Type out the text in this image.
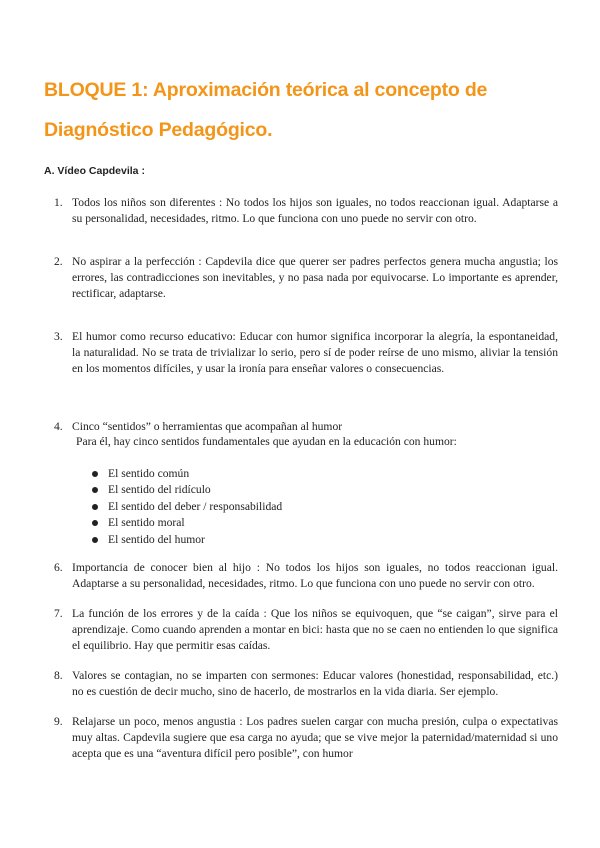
BLOQUE 1: Aproximación teórica al concepto de Diagnóstico Pedagógico.

A. Vídeo Capdevila :

1. Todos los niños son diferentes : No todos los hijos son iguales, no todos reaccionan igual. Adaptarse a su personalidad, necesidades, ritmo. Lo que funciona con uno puede no servir con otro.
2. No aspirar a la perfección : Capdevila dice que querer ser padres perfectos genera mucha angustia; los errores, las contradicciones son inevitables, y no pasa nada por equivocarse. Lo importante es aprender, rectificar, adaptarse.
3. El humor como recurso educativo: Educar con humor significa incorporar la alegría, la espontaneidad, la naturalidad. No se trata de trivializar lo serio, pero sí de poder reírse de uno mismo, aliviar la tensión en los momentos difíciles, y usar la ironía para enseñar valores o consecuencias.
4. Cinco “sentidos” o herramientas que acompañan al humor

Para él, hay cinco sentidos fundamentales que ayudan en la educación con humor:

El sentido común
El sentido del ridículo
El sentido del deber / responsabilidad
El sentido moral
El sentido del humor
6. Importancia de conocer bien al hijo : No todos los hijos son iguales, no todos reaccionan igual. Adaptarse a su personalidad, necesidades, ritmo. Lo que funciona con uno puede no servir con otro.
7. La función de los errores y de la caída : Que los niños se equivoquen, que “se caigan”, sirve para el aprendizaje. Como cuando aprenden a montar en bici: hasta que no se caen no entienden lo que significa el equilibrio. Hay que permitir esas caídas.
8. Valores se contagian, no se imparten con sermones: Educar valores (honestidad, responsabilidad, etc.) no es cuestión de decir mucho, sino de hacerlo, de mostrarlos en la vida diaria. Ser ejemplo.
9. Relajarse un poco, menos angustia : Los padres suelen cargar con mucha presión, culpa o expectativas muy altas. Capdevila sugiere que esa carga no ayuda; que se vive mejor la paternidad/maternidad si uno acepta que es una “aventura difícil pero posible”, con humor
